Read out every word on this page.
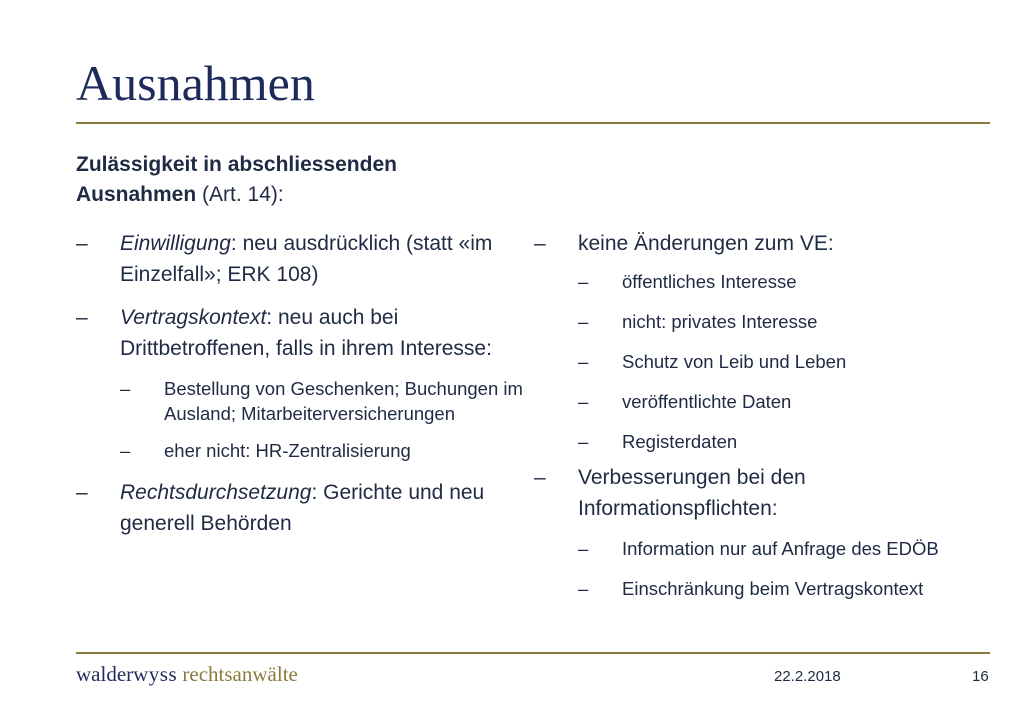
Ausnahmen
Zulässigkeit in abschliessenden Ausnahmen (Art. 14):
– Einwilligung: neu ausdrücklich (statt «im Einzelfall»; ERK 108)
– Vertragskontext: neu auch bei Drittbetroffenen, falls in ihrem Interesse:
– Bestellung von Geschenken; Buchungen im Ausland; Mitarbeiterversicherungen
– eher nicht: HR-Zentralisierung
– Rechtsdurchsetzung: Gerichte und neu generell Behörden
– keine Änderungen zum VE:
– öffentliches Interesse
– nicht: privates Interesse
– Schutz von Leib und Leben
– veröffentlichte Daten
– Registerdaten
– Verbesserungen bei den Informationspflichten:
– Information nur auf Anfrage des EDÖB
– Einschränkung beim Vertragskontext
walderwyss rechtsanwälte	22.2.2018	16
